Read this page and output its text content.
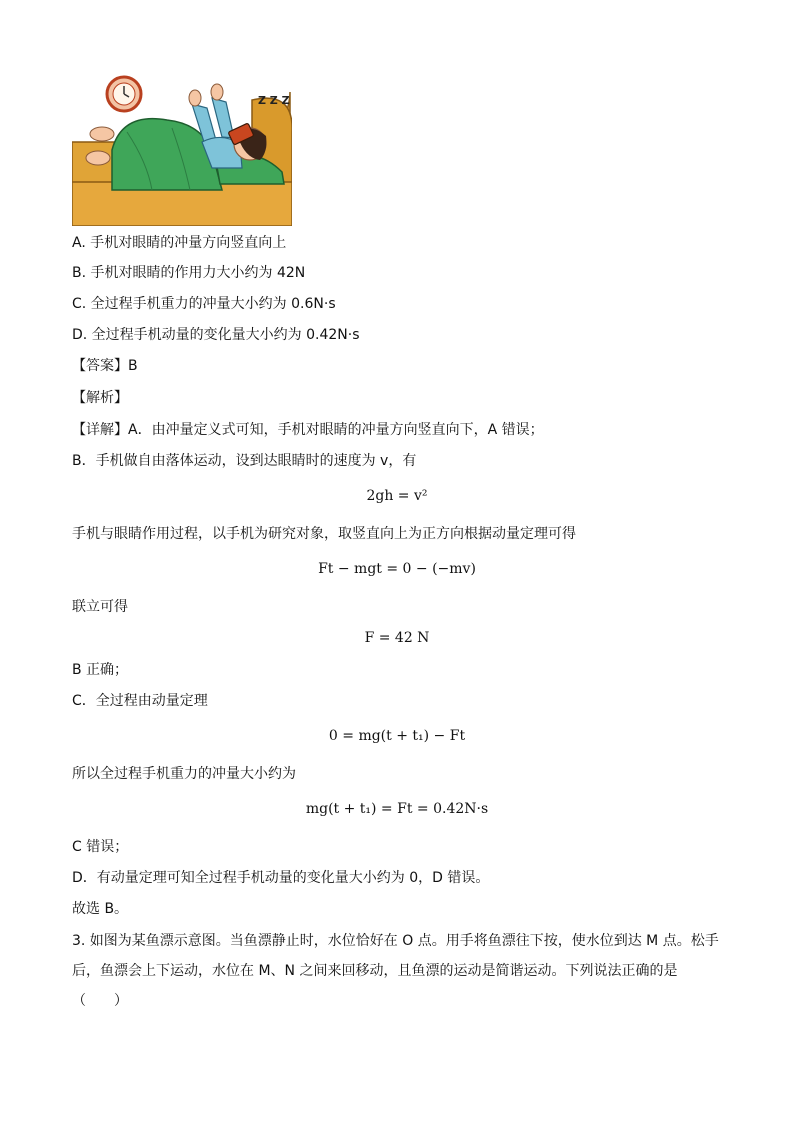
Z Z Z
A. 手机对眼睛的冲量方向竖直向上
B. 手机对眼睛的作用力大小约为 42N
C. 全过程手机重力的冲量大小约为 0.6N·s
D. 全过程手机动量的变化量大小约为 0.42N·s
【答案】B
【解析】
【详解】A．由冲量定义式可知，手机对眼睛的冲量方向竖直向下，A 错误；
B．手机做自由落体运动，设到达眼睛时的速度为 v，有
2gh = v²
手机与眼睛作用过程，以手机为研究对象，取竖直向上为正方向根据动量定理可得
Ft − mgt = 0 − (−mv)
联立可得
F = 42 N
B 正确；
C．全过程由动量定理
0 = mg(t + t₁) − Ft
所以全过程手机重力的冲量大小约为
mg(t + t₁) = Ft = 0.42N·s
C 错误；
D．有动量定理可知全过程手机动量的变化量大小约为 0，D 错误。
故选 B。
3. 如图为某鱼漂示意图。当鱼漂静止时，水位恰好在 O 点。用手将鱼漂往下按，使水位到达 M 点。松手后，鱼漂会上下运动，水位在 M、N 之间来回移动，且鱼漂的运动是简谐运动。下列说法正确的是
（　　）
